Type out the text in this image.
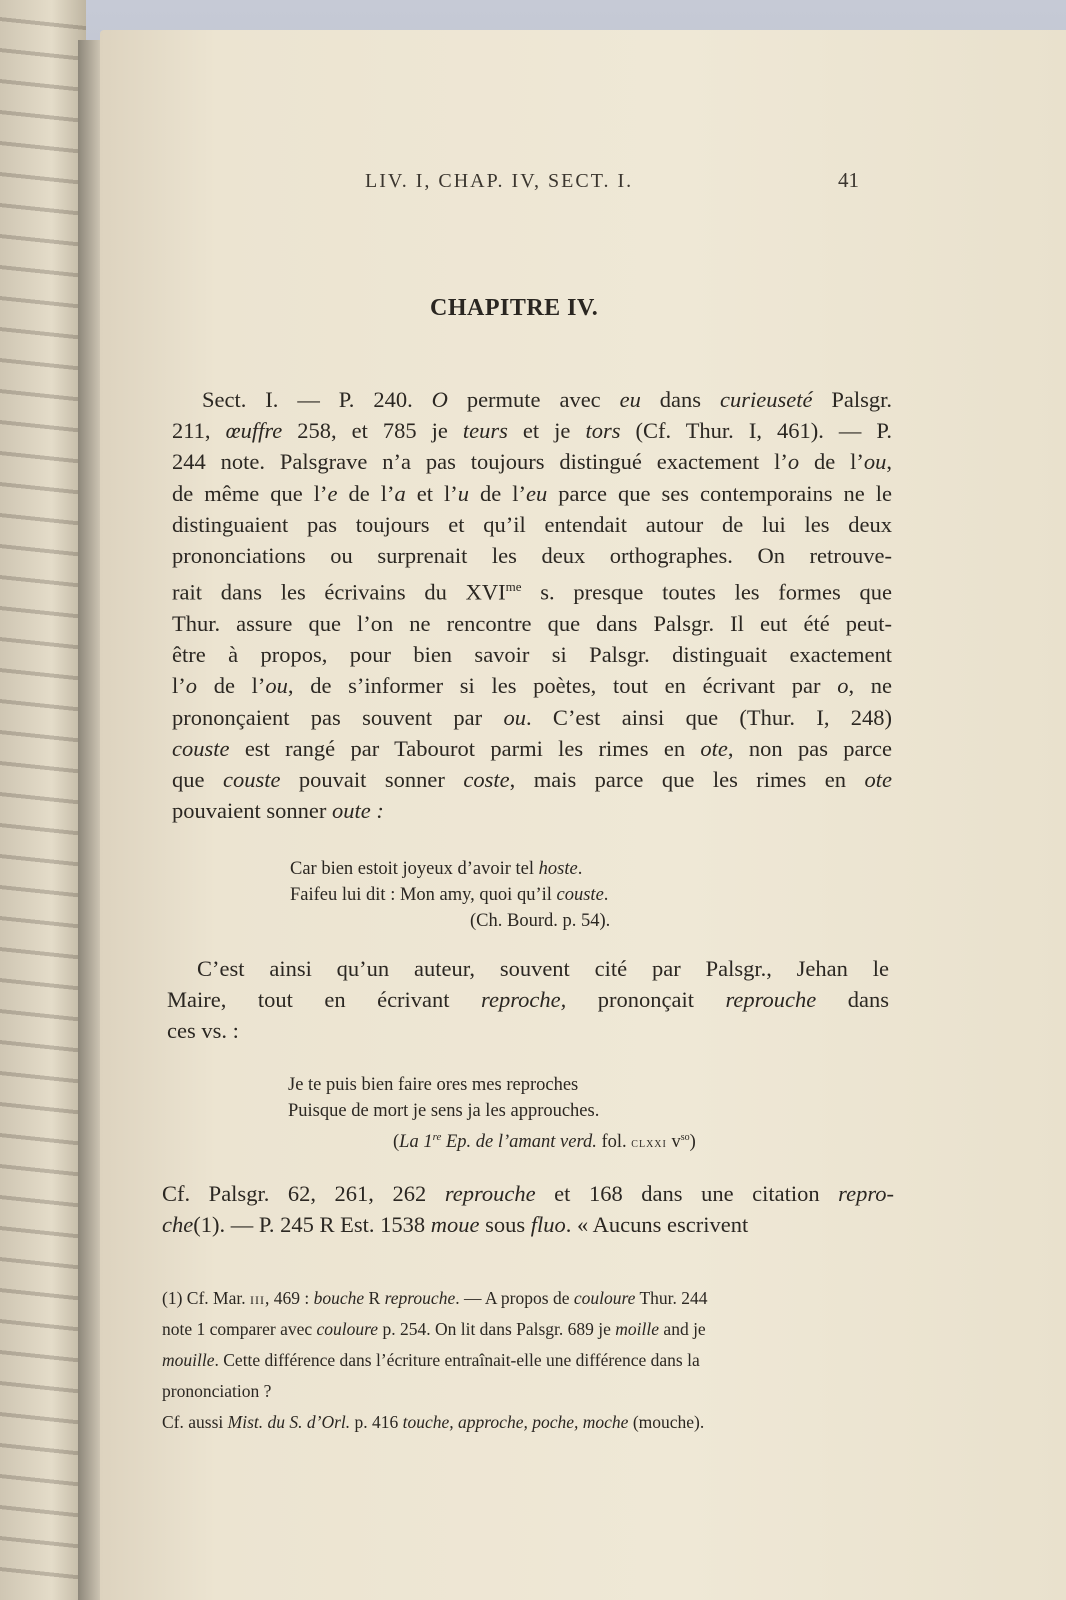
LIV. I, CHAP. IV, SECT. I.	41
CHAPITRE IV.
Sect. I. — P. 240. O permute avec eu dans curieuseté Palsgr.
211, œuffre 258, et 785 je teurs et je tors (Cf. Thur. I, 461). — P.
244 note. Palsgrave n’a pas toujours distingué exactement l’o de l’ou,
de même que l’e de l’a et l’u de l’eu parce que ses contemporains ne le
distinguaient pas toujours et qu’il entendait autour de lui les deux
prononciations ou surprenait les deux orthographes. On retrouve-
rait dans les écrivains du $XVI^{me}$ s. presque toutes les formes que
Thur. assure que l’on ne rencontre que dans Palsgr. Il eut été peut-
être à propos, pour bien savoir si Palsgr. distinguait exactement
l’o de l’ou, de s’informer si les poètes, tout en écrivant par o, ne
prononçaient pas souvent par ou. C’est ainsi que (Thur. I, 248)
couste est rangé par Tabourot parmi les rimes en ote, non pas parce
que couste pouvait sonner coste, mais parce que les rimes en ote
pouvaient sonner oute :
Car bien estoit joyeux d’avoir tel hoste.
Faifeu lui dit : Mon amy, quoi qu’il couste.
(Ch. Bourd. p. 54).
C’est ainsi qu’un auteur, souvent cité par Palsgr., Jehan le
Maire, tout en écrivant reproche, prononçait reprouche dans
ces vs. :
Je te puis bien faire ores mes reproches
Puisque de mort je sens ja les approuches.
(La 1re Ep. de l’amant verd. fol. clxxi $v^{so}$)
Cf. Palsgr. 62, 261, 262 reprouche et 168 dans une citation repro-
che(1). — P. 245 R Est. 1538 moue sous fluo. « Aucuns escrivent
(1) Cf. Mar. iii, 469 : bouche R reprouche. — A propos de couloure Thur. 244
note 1 comparer avec couloure p. 254. On lit dans Palsgr. 689 je moille and je
mouille. Cette différence dans l’écriture entraînait-elle une différence dans la
prononciation ?
Cf. aussi Mist. du S. d’Orl. p. 416 touche, approche, poche, moche (mouche).
